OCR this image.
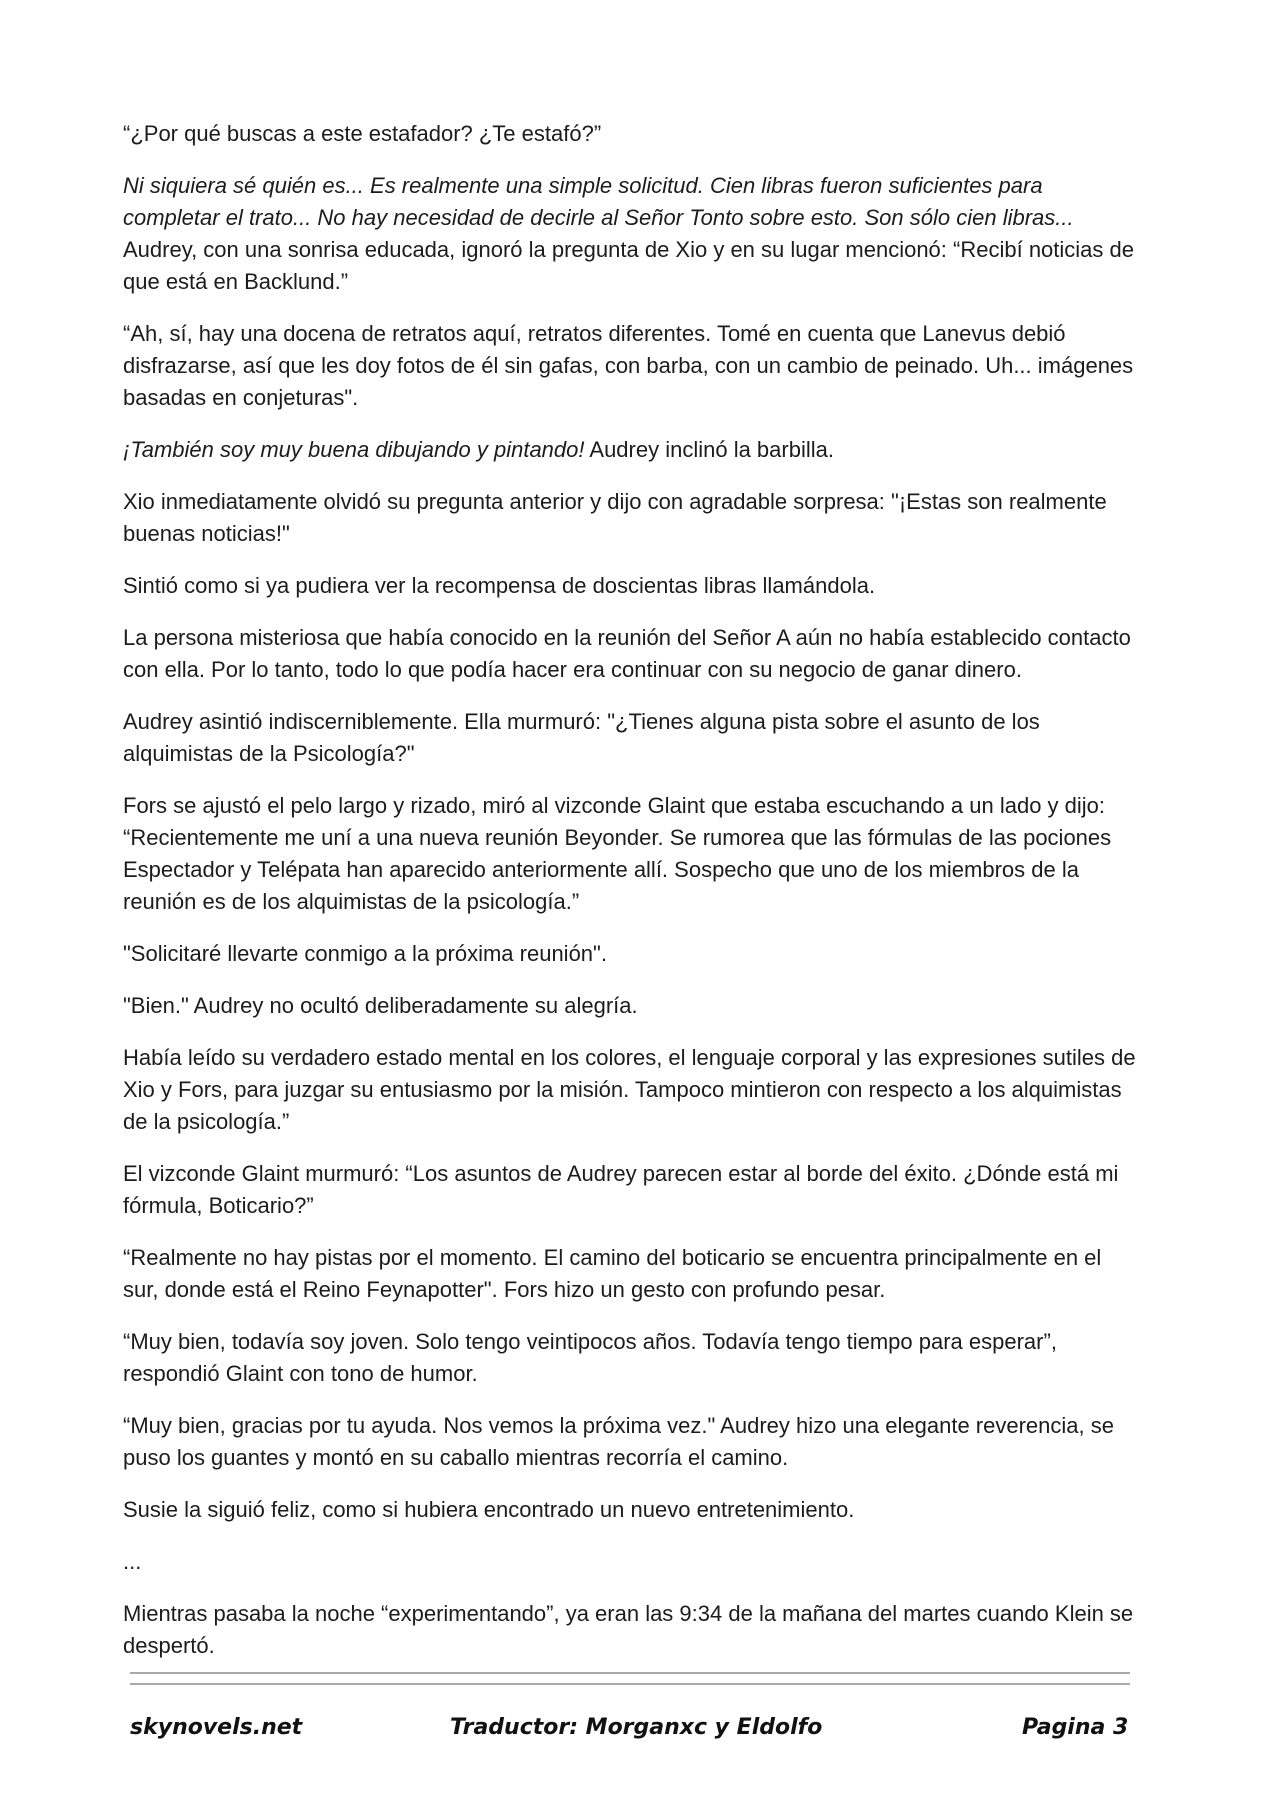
“¿Por qué buscas a este estafador? ¿Te estafó?”

Ni siquiera sé quién es... Es realmente una simple solicitud. Cien libras fueron suficientes para completar el trato... No hay necesidad de decirle al Señor Tonto sobre esto. Son sólo cien libras... Audrey, con una sonrisa educada, ignoró la pregunta de Xio y en su lugar mencionó: “Recibí noticias de que está en Backlund.”

“Ah, sí, hay una docena de retratos aquí, retratos diferentes. Tomé en cuenta que Lanevus debió disfrazarse, así que les doy fotos de él sin gafas, con barba, con un cambio de peinado. Uh... imágenes basadas en conjeturas".

¡También soy muy buena dibujando y pintando! Audrey inclinó la barbilla.

Xio inmediatamente olvidó su pregunta anterior y dijo con agradable sorpresa: "¡Estas son realmente buenas noticias!"

Sintió como si ya pudiera ver la recompensa de doscientas libras llamándola.

La persona misteriosa que había conocido en la reunión del Señor A aún no había establecido contacto con ella. Por lo tanto, todo lo que podía hacer era continuar con su negocio de ganar dinero.

Audrey asintió indiscerniblemente. Ella murmuró: "¿Tienes alguna pista sobre el asunto de los alquimistas de la Psicología?"

Fors se ajustó el pelo largo y rizado, miró al vizconde Glaint que estaba escuchando a un lado y dijo: “Recientemente me uní a una nueva reunión Beyonder. Se rumorea que las fórmulas de las pociones Espectador y Telépata han aparecido anteriormente allí. Sospecho que uno de los miembros de la reunión es de los alquimistas de la psicología.”

"Solicitaré llevarte conmigo a la próxima reunión".

"Bien." Audrey no ocultó deliberadamente su alegría.

Había leído su verdadero estado mental en los colores, el lenguaje corporal y las expresiones sutiles de Xio y Fors, para juzgar su entusiasmo por la misión. Tampoco mintieron con respecto a los alquimistas de la psicología.”

El vizconde Glaint murmuró: “Los asuntos de Audrey parecen estar al borde del éxito. ¿Dónde está mi fórmula, Boticario?”

“Realmente no hay pistas por el momento. El camino del boticario se encuentra principalmente en el sur, donde está el Reino Feynapotter". Fors hizo un gesto con profundo pesar.

“Muy bien, todavía soy joven. Solo tengo veintipocos años. Todavía tengo tiempo para esperar”, respondió Glaint con tono de humor.

“Muy bien, gracias por tu ayuda. Nos vemos la próxima vez." Audrey hizo una elegante reverencia, se puso los guantes y montó en su caballo mientras recorría el camino.

Susie la siguió feliz, como si hubiera encontrado un nuevo entretenimiento.

...

Mientras pasaba la noche “experimentando”, ya eran las 9:34 de la mañana del martes cuando Klein se despertó.

skynovels.net	Traductor: Morganxc y Eldolfo	Pagina 3
